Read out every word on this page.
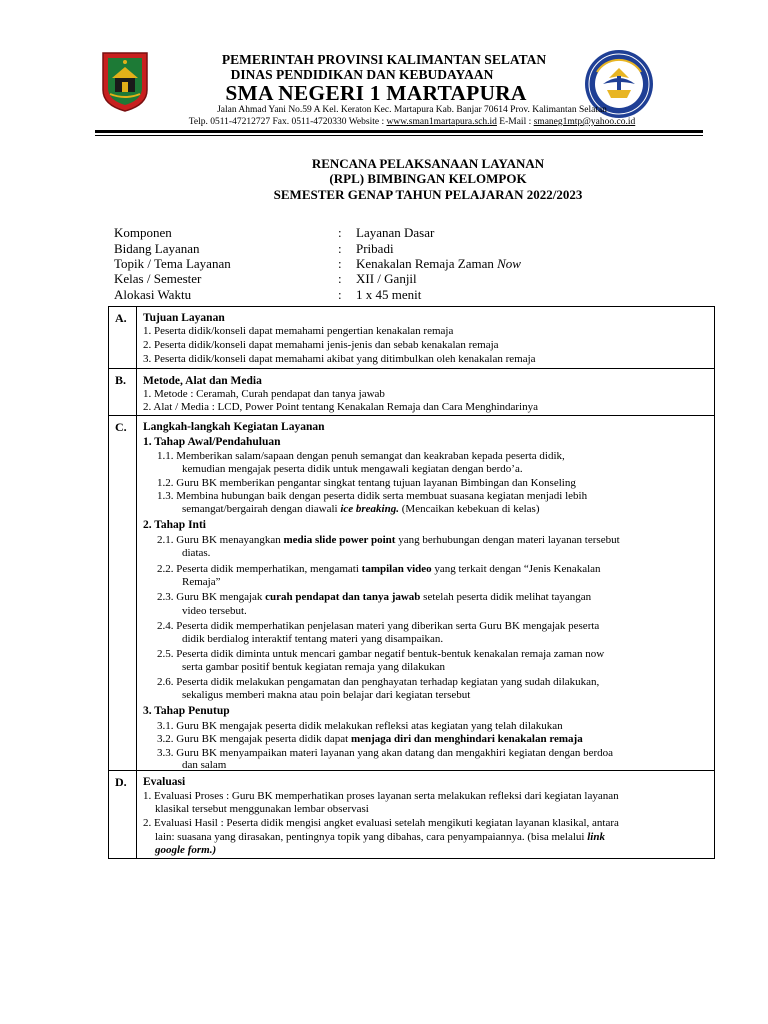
PEMERINTAH PROVINSI KALIMANTAN SELATAN
DINAS PENDIDIKAN DAN KEBUDAYAAN
SMA NEGERI 1 MARTAPURA
Jalan Ahmad Yani No.59 A Kel. Keraton Kec. Martapura Kab. Banjar 70614 Prov. Kalimantan Selatan
Telp. 0511-47212727 Fax. 0511-4720330 Website : www.sman1martapura.sch.id E-Mail : smaneg1mtp@yahoo.co.id
RENCANA PELAKSANAAN LAYANAN
(RPL) BIMBINGAN KELOMPOK
SEMESTER GENAP TAHUN PELAJARAN 2022/2023
Komponen	: Layanan Dasar
Bidang Layanan	: Pribadi
Topik / Tema Layanan	: Kenakalan Remaja Zaman Now
Kelas / Semester	: XII / Ganjil
Alokasi Waktu	: 1 x 45 menit
A. Tujuan Layanan
1. Peserta didik/konseli dapat memahami pengertian kenakalan remaja
2. Peserta didik/konseli dapat memahami jenis-jenis dan sebab kenakalan remaja
3. Peserta didik/konseli dapat memahami akibat yang ditimbulkan oleh kenakalan remaja
B. Metode, Alat dan Media
1. Metode : Ceramah, Curah pendapat dan tanya jawab
2. Alat / Media : LCD, Power Point tentang Kenakalan Remaja dan Cara Menghindarinya
C. Langkah-langkah Kegiatan Layanan
1. Tahap Awal/Pendahuluan
1.1. Memberikan salam/sapaan dengan penuh semangat dan keakraban kepada peserta didik,
kemudian mengajak peserta didik untuk mengawali kegiatan dengan berdo’a.
1.2. Guru BK memberikan pengantar singkat tentang tujuan layanan Bimbingan dan Konseling
1.3. Membina hubungan baik dengan peserta didik serta membuat suasana kegiatan menjadi lebih
semangat/bergairah dengan diawali ice breaking. (Mencaikan kebekuan di kelas)
2. Tahap Inti
2.1. Guru BK menayangkan media slide power point yang berhubungan dengan materi layanan tersebut
diatas.
2.2. Peserta didik memperhatikan, mengamati tampilan video yang terkait dengan “Jenis Kenakalan
Remaja”
2.3. Guru BK mengajak curah pendapat dan tanya jawab setelah peserta didik melihat tayangan
video tersebut.
2.4. Peserta didik memperhatikan penjelasan materi yang diberikan serta Guru BK mengajak peserta
didik berdialog interaktif tentang materi yang disampaikan.
2.5. Peserta didik diminta untuk mencari gambar negatif bentuk-bentuk kenakalan remaja zaman now
serta gambar positif bentuk kegiatan remaja yang dilakukan
2.6. Peserta didik melakukan pengamatan dan penghayatan terhadap kegiatan yang sudah dilakukan,
sekaligus memberi makna atau poin belajar dari kegiatan tersebut
3. Tahap Penutup
3.1. Guru BK mengajak peserta didik melakukan refleksi atas kegiatan yang telah dilakukan
3.2. Guru BK mengajak peserta didik dapat menjaga diri dan menghindari kenakalan remaja
3.3. Guru BK menyampaikan materi layanan yang akan datang dan mengakhiri kegiatan dengan berdoa
dan salam
D. Evaluasi
1. Evaluasi Proses : Guru BK memperhatikan proses layanan serta melakukan refleksi dari kegiatan layanan
klasikal tersebut menggunakan lembar observasi
2. Evaluasi Hasil : Peserta didik mengisi angket evaluasi setelah mengikuti kegiatan layanan klasikal, antara
lain: suasana yang dirasakan, pentingnya topik yang dibahas, cara penyampaiannya. (bisa melalui link
google form.)
